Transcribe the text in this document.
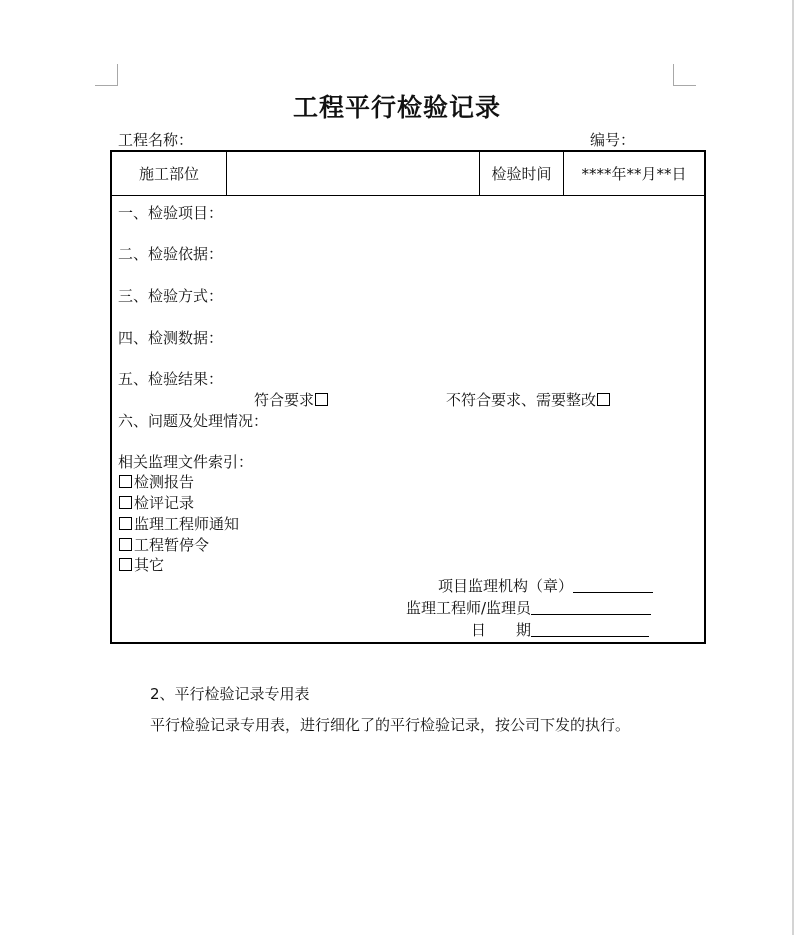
工程平行检验记录
工程名称：	编号：
施工部位	检验时间	****年**月**日
一、检验项目：
二、检验依据：
三、检验方式：
四、检测数据：
五、检验结果：
符合要求	不符合要求、需要整改
六、问题及处理情况：
相关监理文件索引：
检测报告
检评记录
监理工程师通知
工程暂停令
其它
项目监理机构（章）
监理工程师/监理员
日　　期
2、平行检验记录专用表
平行检验记录专用表，进行细化了的平行检验记录，按公司下发的执行。
